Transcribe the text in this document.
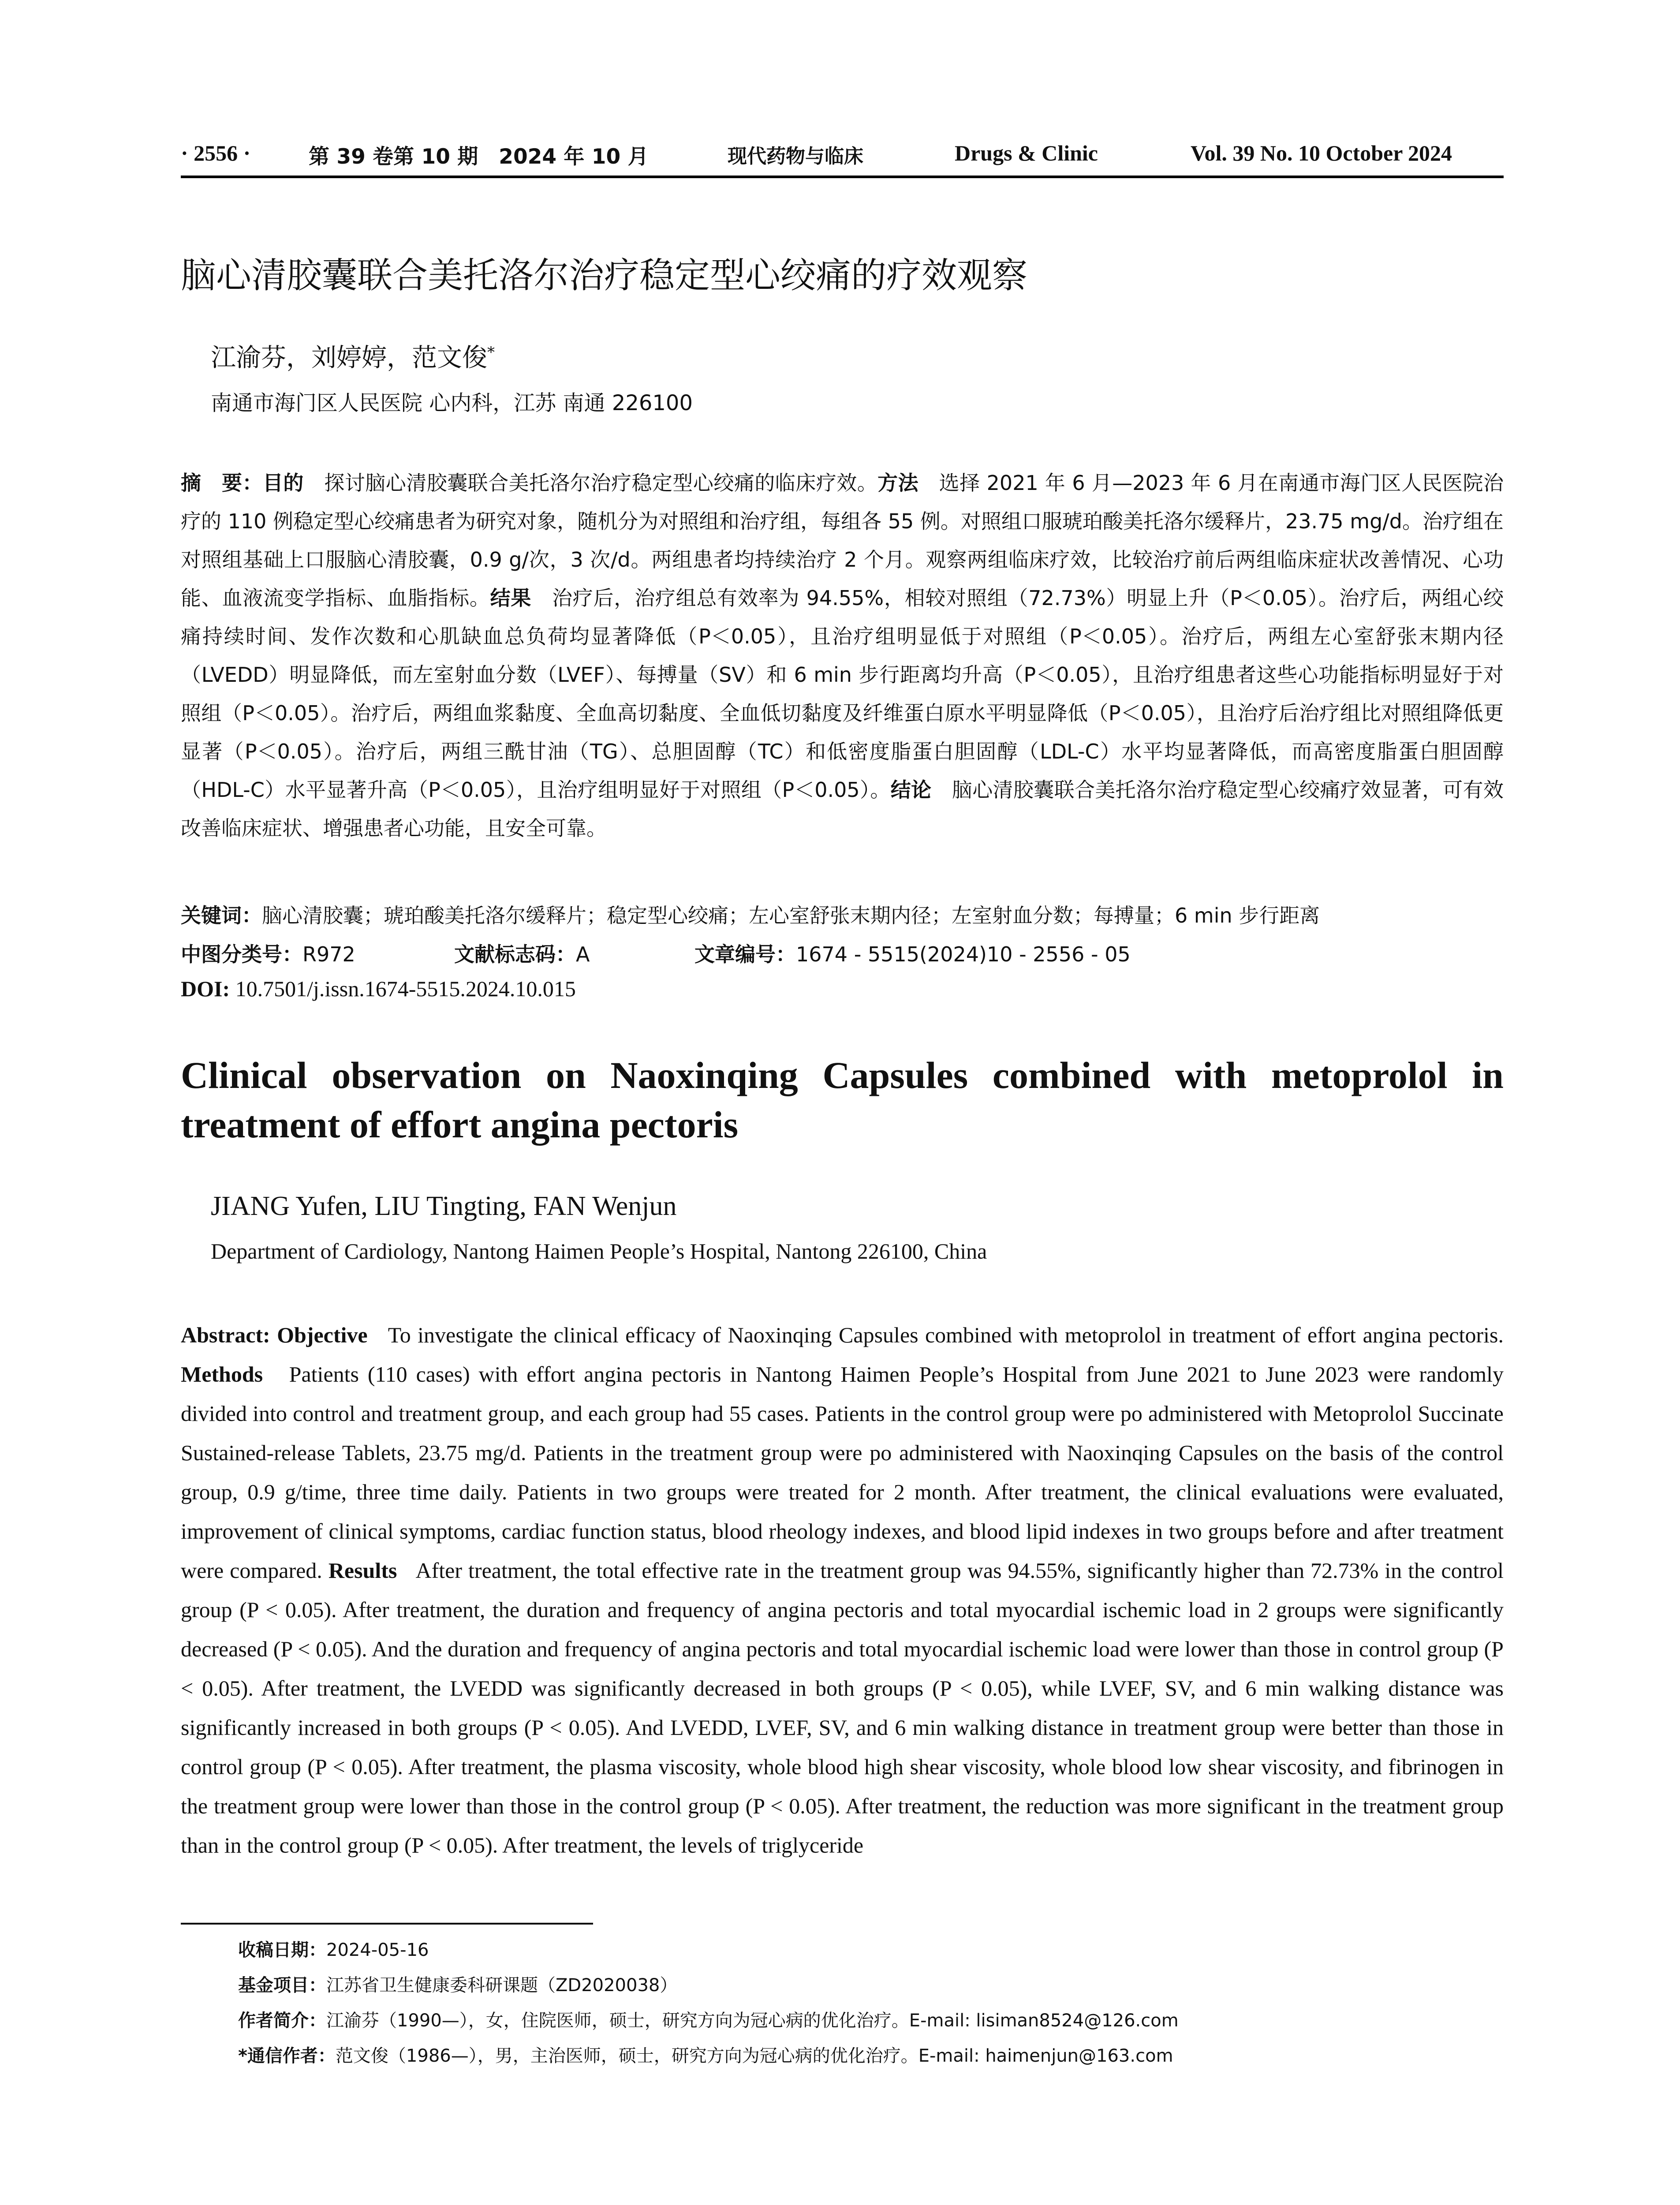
· 2556 ·	第 39 卷第 10 期　2024 年 10 月	现代药物与临床	Drugs & Clinic	Vol. 39 No. 10 October 2024
脑心清胶囊联合美托洛尔治疗稳定型心绞痛的疗效观察
江渝芬，刘婷婷，范文俊*
南通市海门区人民医院 心内科，江苏 南通 226100
摘　要：目的　 探讨脑心清胶囊联合美托洛尔治疗稳定型心绞痛的临床疗效。方法　 选择 2021 年 6 月—2023 年 6 月在南通市海门区人民医院治疗的 110 例稳定型心绞痛患者为研究对象，随机分为对照组和治疗组，每组各 55 例。对照组口服琥珀酸美托洛尔缓释片，23.75 mg/d。治疗组在对照组基础上口服脑心清胶囊，0.9 g/次，3 次/d。两组患者均持续治疗 2 个月。观察两组临床疗效，比较治疗前后两组临床症状改善情况、心功能、血液流变学指标、血脂指标。结果　 治疗后，治疗组总有效率为 94.55%，相较对照组（72.73%）明显上升（P＜0.05）。治疗后，两组心绞痛持续时间、发作次数和心肌缺血总负荷均显著降低（P＜0.05），且治疗组明显低于对照组（P＜0.05）。治疗后，两组左心室舒张末期内径（LVEDD）明显降低，而左室射血分数（LVEF）、每搏量（SV）和 6 min 步行距离均升高（P＜0.05），且治疗组患者这些心功能指标明显好于对照组（P＜0.05）。治疗后，两组血浆黏度、全血高切黏度、全血低切黏度及纤维蛋白原水平明显降低（P＜0.05），且治疗后治疗组比对照组降低更显著（P＜0.05）。治疗后，两组三酰甘油（TG）、总胆固醇（TC）和低密度脂蛋白胆固醇（LDL-C）水平均显著降低，而高密度脂蛋白胆固醇（HDL-C）水平显著升高（P＜0.05），且治疗组明显好于对照组（P＜0.05）。结论　 脑心清胶囊联合美托洛尔治疗稳定型心绞痛疗效显著，可有效改善临床症状、增强患者心功能，且安全可靠。
关键词：脑心清胶囊；琥珀酸美托洛尔缓释片；稳定型心绞痛；左心室舒张末期内径；左室射血分数；每搏量；6 min 步行距离
中图分类号：R972	文献标志码：A	文章编号：1674 - 5515(2024)10 - 2556 - 05
DOI: 10.7501/j.issn.1674-5515.2024.10.015
Clinical observation on Naoxinqing Capsules combined with metoprolol in treatment of effort angina pectoris
JIANG Yufen, LIU Tingting, FAN Wenjun
Department of Cardiology, Nantong Haimen People’s Hospital, Nantong 226100, China
Abstract: Objective To investigate the clinical efficacy of Naoxinqing Capsules combined with metoprolol in treatment of effort angina pectoris. Methods Patients (110 cases) with effort angina pectoris in Nantong Haimen People’s Hospital from June 2021 to June 2023 were randomly divided into control and treatment group, and each group had 55 cases. Patients in the control group were po administered with Metoprolol Succinate Sustained-release Tablets, 23.75 mg/d. Patients in the treatment group were po administered with Naoxinqing Capsules on the basis of the control group, 0.9 g/time, three time daily. Patients in two groups were treated for 2 month. After treatment, the clinical evaluations were evaluated, improvement of clinical symptoms, cardiac function status, blood rheology indexes, and blood lipid indexes in two groups before and after treatment were compared. Results After treatment, the total effective rate in the treatment group was 94.55%, significantly higher than 72.73% in the control group (P < 0.05). After treatment, the duration and frequency of angina pectoris and total myocardial ischemic load in 2 groups were significantly decreased (P < 0.05). And the duration and frequency of angina pectoris and total myocardial ischemic load were lower than those in control group (P < 0.05). After treatment, the LVEDD was significantly decreased in both groups (P < 0.05), while LVEF, SV, and 6 min walking distance was significantly increased in both groups (P < 0.05). And LVEDD, LVEF, SV, and 6 min walking distance in treatment group were better than those in control group (P < 0.05). After treatment, the plasma viscosity, whole blood high shear viscosity, whole blood low shear viscosity, and fibrinogen in the treatment group were lower than those in the control group (P < 0.05). After treatment, the reduction was more significant in the treatment group than in the control group (P < 0.05). After treatment, the levels of triglyceride
收稿日期：2024-05-16
基金项目：江苏省卫生健康委科研课题（ZD2020038）
作者简介：江渝芬（1990—），女，住院医师，硕士，研究方向为冠心病的优化治疗。E-mail: lisiman8524@126.com
*通信作者：范文俊（1986—），男，主治医师，硕士，研究方向为冠心病的优化治疗。E-mail: haimenjun@163.com
